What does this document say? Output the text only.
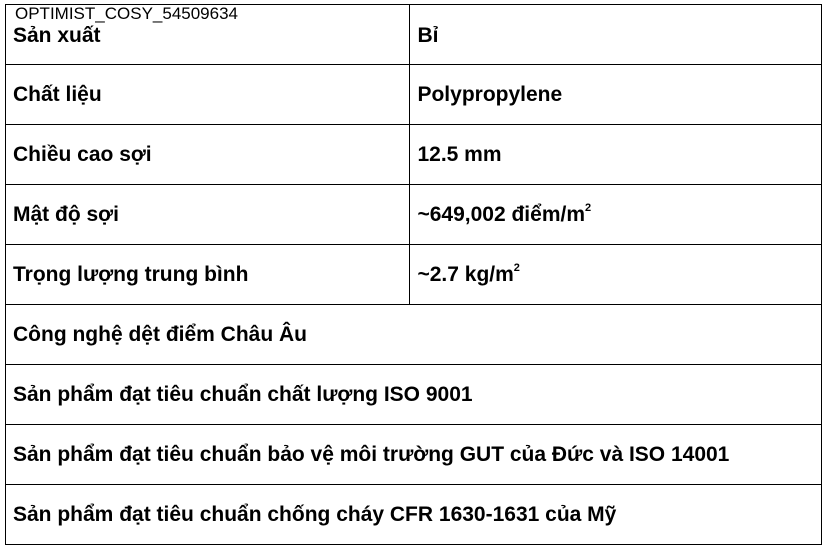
OPTIMIST_COSY_54509634
Sản xuất	Bỉ
Chất liệu	Polypropylene
Chiều cao sợi	12.5 mm
Mật độ sợi	~649,002 điểm/$m^2$
Trọng lượng trung bình	~2.7 $kg/m^2$
Công nghệ dệt điểm Châu Âu	
Sản phẩm đạt tiêu chuẩn chất lượng ISO 9001	
Sản phẩm đạt tiêu chuẩn bảo vệ môi trường GUT của Đức và ISO 14001	
Sản phẩm đạt tiêu chuẩn chống cháy CFR 1630-1631 của Mỹ	
